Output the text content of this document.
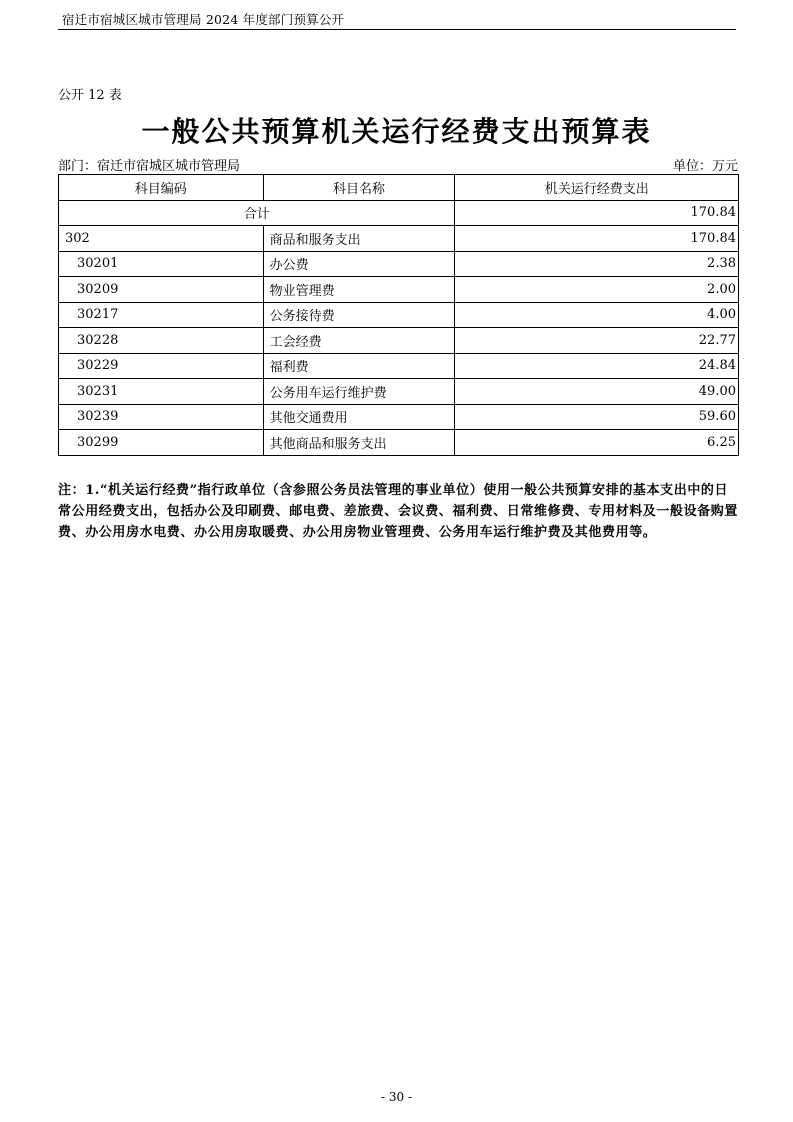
宿迁市宿城区城市管理局 2024 年度部门预算公开
公开 12 表
一般公共预算机关运行经费支出预算表
部门：宿迁市宿城区城市管理局	单位：万元
科目编码	科目名称	机关运行经费支出
合计		170.84
302	商品和服务支出	170.84
30201	办公费	2.38
30209	物业管理费	2.00
30217	公务接待费	4.00
30228	工会经费	22.77
30229	福利费	24.84
30231	公务用车运行维护费	49.00
30239	其他交通费用	59.60
30299	其他商品和服务支出	6.25
注：1.“机关运行经费”指行政单位（含参照公务员法管理的事业单位）使用一般公共预算安排的基本支出中的日常公用经费支出，包括办公及印刷费、邮电费、差旅费、会议费、福利费、日常维修费、专用材料及一般设备购置费、办公用房水电费、办公用房取暖费、办公用房物业管理费、公务用车运行维护费及其他费用等。
- 30 -
